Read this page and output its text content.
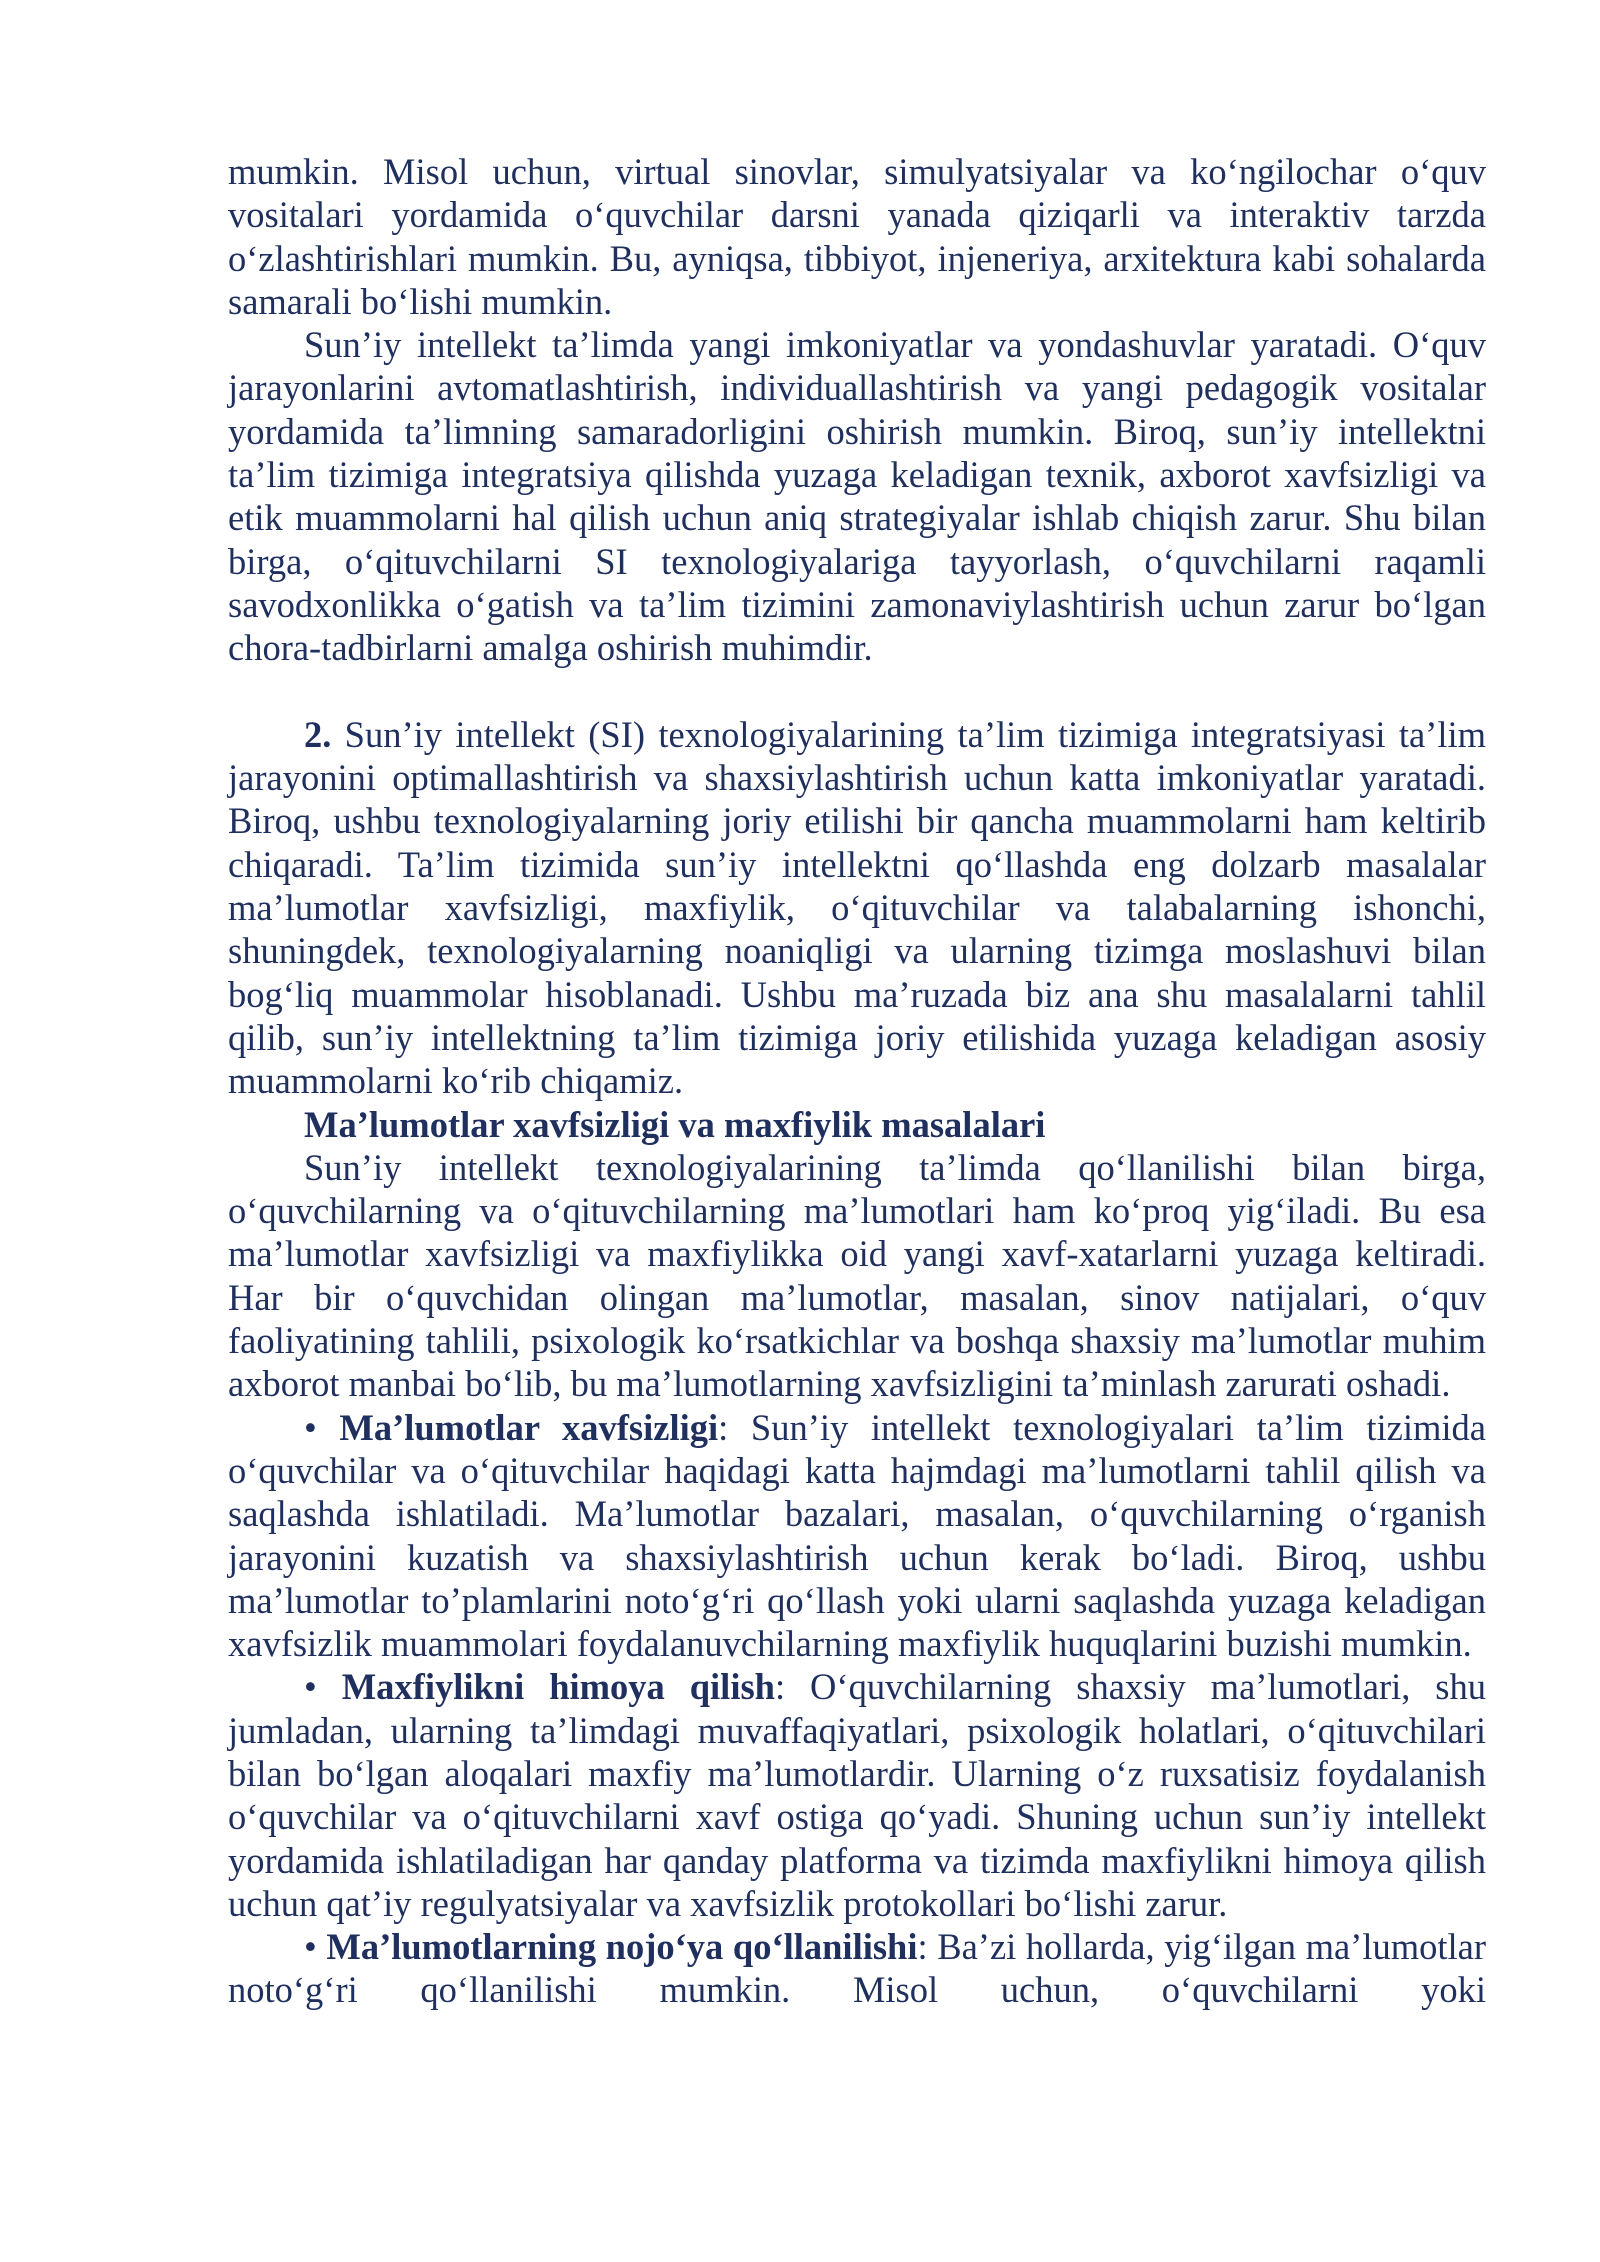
mumkin. Misol uchun, virtual sinovlar, simulyatsiyalar va ko‘ngilochar o‘quv vositalari yordamida o‘quvchilar darsni yanada qiziqarli va interaktiv tarzda o‘zlashtirishlari mumkin. Bu, ayniqsa, tibbiyot, injeneriya, arxitektura kabi sohalarda samarali bo‘lishi mumkin.

Sun’iy intellekt ta’limda yangi imkoniyatlar va yondashuvlar yaratadi. O‘quv jarayonlarini avtomatlashtirish, individuallashtirish va yangi pedagogik vositalar yordamida ta’limning samaradorligini oshirish mumkin. Biroq, sun’iy intellektni ta’lim tizimiga integratsiya qilishda yuzaga keladigan texnik, axborot xavfsizligi va etik muammolarni hal qilish uchun aniq strategiyalar ishlab chiqish zarur. Shu bilan birga, o‘qituvchilarni SI texnologiyalariga tayyorlash, o‘quvchilarni raqamli savodxonlikka o‘gatish va ta’lim tizimini zamonaviylashtirish uchun zarur bo‘lgan chora-tadbirlarni amalga oshirish muhimdir.

2. Sun’iy intellekt (SI) texnologiyalarining ta’lim tizimiga integratsiyasi ta’lim jarayonini optimallashtirish va shaxsiylashtirish uchun katta imkoniyatlar yaratadi. Biroq, ushbu texnologiyalarning joriy etilishi bir qancha muammolarni ham keltirib chiqaradi. Ta’lim tizimida sun’iy intellektni qo‘llashda eng dolzarb masalalar ma’lumotlar xavfsizligi, maxfiylik, o‘qituvchilar va talabalarning ishonchi, shuningdek, texnologiyalarning noaniqligi va ularning tizimga moslashuvi bilan bog‘liq muammolar hisoblanadi. Ushbu ma’ruzada biz ana shu masalalarni tahlil qilib, sun’iy intellektning ta’lim tizimiga joriy etilishida yuzaga keladigan asosiy muammolarni ko‘rib chiqamiz.

Ma’lumotlar xavfsizligi va maxfiylik masalalari

Sun’iy intellekt texnologiyalarining ta’limda qo‘llanilishi bilan birga, o‘quvchilarning va o‘qituvchilarning ma’lumotlari ham ko‘proq yig‘iladi. Bu esa ma’lumotlar xavfsizligi va maxfiylikka oid yangi xavf-xatarlarni yuzaga keltiradi. Har bir o‘quvchidan olingan ma’lumotlar, masalan, sinov natijalari, o‘quv faoliyatining tahlili, psixologik ko‘rsatkichlar va boshqa shaxsiy ma’lumotlar muhim axborot manbai bo‘lib, bu ma’lumotlarning xavfsizligini ta’minlash zarurati oshadi.

• Ma’lumotlar xavfsizligi: Sun’iy intellekt texnologiyalari ta’lim tizimida o‘quvchilar va o‘qituvchilar haqidagi katta hajmdagi ma’lumotlarni tahlil qilish va saqlashda ishlatiladi. Ma’lumotlar bazalari, masalan, o‘quvchilarning o‘rganish jarayonini kuzatish va shaxsiylashtirish uchun kerak bo‘ladi. Biroq, ushbu ma’lumotlar to’plamlarini noto‘g‘ri qo‘llash yoki ularni saqlashda yuzaga keladigan xavfsizlik muammolari foydalanuvchilarning maxfiylik huquqlarini buzishi mumkin.

• Maxfiylikni himoya qilish: O‘quvchilarning shaxsiy ma’lumotlari, shu jumladan, ularning ta’limdagi muvaffaqiyatlari, psixologik holatlari, o‘qituvchilari bilan bo‘lgan aloqalari maxfiy ma’lumotlardir. Ularning o‘z ruxsatisiz foydalanish o‘quvchilar va o‘qituvchilarni xavf ostiga qo‘yadi. Shuning uchun sun’iy intellekt yordamida ishlatiladigan har qanday platforma va tizimda maxfiylikni himoya qilish uchun qat’iy regulyatsiyalar va xavfsizlik protokollari bo‘lishi zarur.

• Ma’lumotlarning nojo‘ya qo‘llanilishi: Ba’zi hollarda, yig‘ilgan ma’lumotlar noto‘g‘ri qo‘llanilishi mumkin. Misol uchun, o‘quvchilarni yoki
